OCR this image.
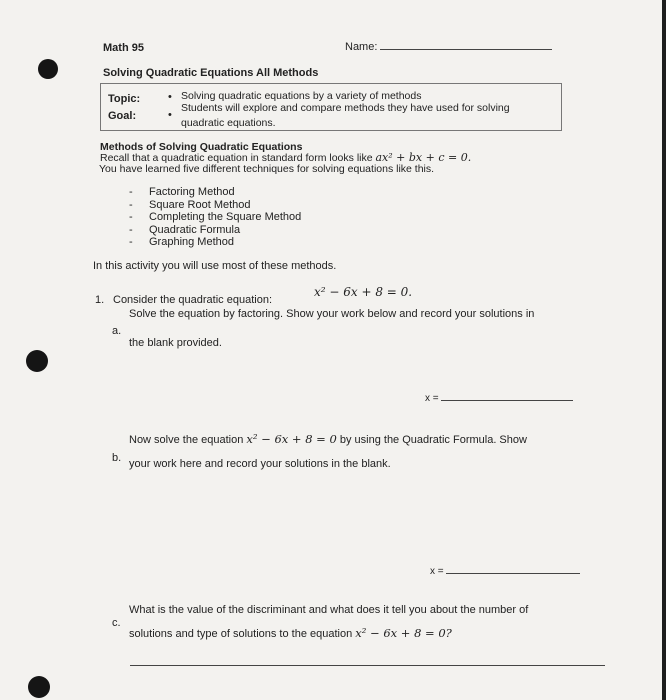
Math 95	Name:
Solving Quadratic Equations All Methods
Topic:
Goal:
• Solving quadratic equations by a variety of methods
•
Students will explore and compare methods they have used for solving
quadratic equations.
Methods of Solving Quadratic Equations
Recall that a quadratic equation in standard form looks like ax² + bx + c = 0.
You have learned five different techniques for solving equations like this.
- Factoring Method
- Square Root Method
- Completing the Square Method
- Quadratic Formula
- Graphing Method
In this activity you will use most of these methods.
1. Consider the quadratic equation:
x² − 6x + 8 = 0.
a.
Solve the equation by factoring. Show your work below and record your solutions in
the blank provided.
x =
b.
Now solve the equation x² − 6x + 8 = 0 by using the Quadratic Formula. Show
your work here and record your solutions in the blank.
x =
c.
What is the value of the discriminant and what does it tell you about the number of
solutions and type of solutions to the equation x² − 6x + 8 = 0?
